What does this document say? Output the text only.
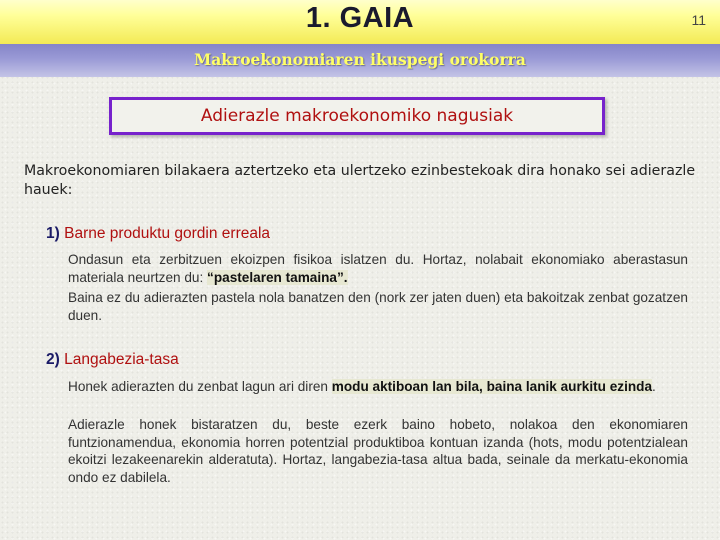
1. GAIA	11
Makroekonomiaren ikuspegi orokorra
Adierazle makroekonomiko nagusiak
Makroekonomiaren bilakaera aztertzeko eta ulertzeko ezinbestekoak dira honako sei adierazle hauek:
1) Barne produktu gordin erreala
Ondasun eta zerbitzuen ekoizpen fisikoa islatzen du. Hortaz, nolabait ekonomiako aberastasun materiala neurtzen du: “pastelaren tamaina”.
Baina ez du adierazten pastela nola banatzen den (nork zer jaten duen) eta bakoitzak zenbat gozatzen duen.
2) Langabezia-tasa
Honek adierazten du zenbat lagun ari diren modu aktiboan lan bila, baina lanik aurkitu ezinda.
Adierazle honek bistaratzen du, beste ezerk baino hobeto, nolakoa den ekonomiaren funtzionamendua, ekonomia horren potentzial produktiboa kontuan izanda (hots, modu potentzialean ekoitzi lezakeenarekin alderatuta). Hortaz, langabezia-tasa altua bada, seinale da merkatu-ekonomia ondo ez dabilela.
